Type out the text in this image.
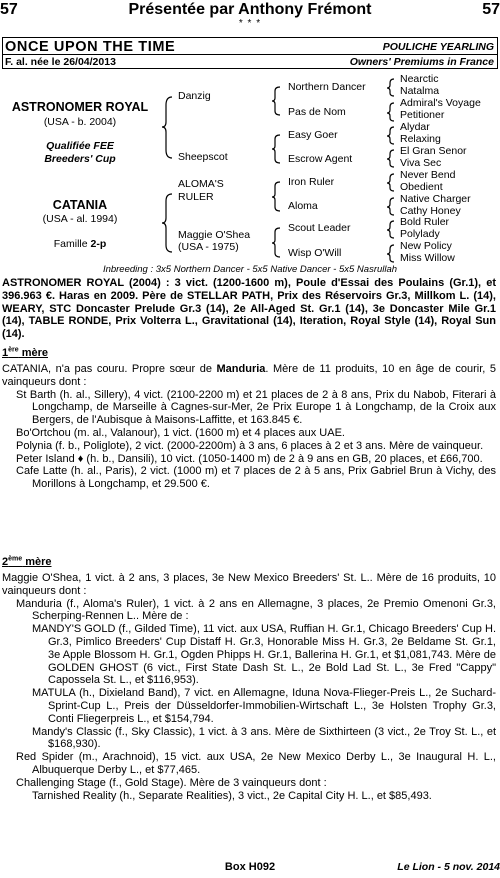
57	Présentée par Anthony Frémont	57
* * *
ONCE UPON THE TIME	POULICHE YEARLING
F. al. née le 26/04/2013	Owners' Premiums in France
ASTRONOMER ROYAL
(USA - b. 2004)
Qualifiée FEE
Breeders' Cup
CATANIA
(USA - al. 1994)
Famille 2-p
Danzig
Sheepscot
ALOMA'S
RULER
Maggie O'Shea
(USA - 1975)
Northern Dancer
Pas de Nom
Easy Goer
Escrow Agent
Iron Ruler
Aloma
Scout Leader
Wisp O'Will
Nearctic
Natalma
Admiral's Voyage
Petitioner
Alydar
Relaxing
El Gran Senor
Viva Sec
Never Bend
Obedient
Native Charger
Cathy Honey
Bold Ruler
Polylady
New Policy
Miss Willow
Inbreeding : 3x5 Northern Dancer - 5x5 Native Dancer - 5x5 Nasrullah
ASTRONOMER ROYAL (2004) : 3 vict. (1200-1600 m), Poule d'Essai des Poulains (Gr.1), et 396.963 €. Haras en 2009. Père de STELLAR PATH, Prix des Réservoirs Gr.3, Millkom L. (14), WEARY, STC Doncaster Prelude Gr.3 (14), 2e All-Aged St. Gr.1 (14), 3e Doncaster Mile Gr.1 (14), TABLE RONDE, Prix Volterra L., Gravitational (14), Iteration, Royal Style (14), Royal Sun (14).
1ère mère
CATANIA, n'a pas couru. Propre sœur de Manduria. Mère de 11 produits, 10 en âge de courir, 5 vainqueurs dont :
St Barth (h. al., Sillery), 4 vict. (2100-2200 m) et 21 places de 2 à 8 ans, Prix du Nabob, Fiterari à Longchamp, de Marseille à Cagnes-sur-Mer, 2e Prix Europe 1 à Longchamp, de la Croix aux Bergers, de l'Aubisque à Maisons-Laffitte, et 163.845 €.
Bo'Ortchou (m. al., Valanour), 1 vict. (1600 m) et 4 places aux UAE.
Polynia (f. b., Poliglote), 2 vict. (2000-2200m) à 3 ans, 6 places à 2 et 3 ans. Mère de vainqueur.
Peter Island ♦ (h. b., Dansili), 10 vict. (1050-1400 m) de 2 à 9 ans en GB, 20 places, et £66,700.
Cafe Latte (h. al., Paris), 2 vict. (1000 m) et 7 places de 2 à 5 ans, Prix Gabriel Brun à Vichy, des Morillons à Longchamp, et 29.500 €.
2ème mère
Maggie O'Shea, 1 vict. à 2 ans, 3 places, 3e New Mexico Breeders' St. L.. Mère de 16 produits, 10 vainqueurs dont :
Manduria (f., Aloma's Ruler), 1 vict. à 2 ans en Allemagne, 3 places, 2e Premio Omenoni Gr.3, Scherping-Rennen L.. Mère de :
MANDY'S GOLD (f., Gilded Time), 11 vict. aux USA, Ruffian H. Gr.1, Chicago Breeders' Cup H. Gr.3, Pimlico Breeders' Cup Distaff H. Gr.3, Honorable Miss H. Gr.3, 2e Beldame St. Gr.1, 3e Apple Blossom H. Gr.1, Ogden Phipps H. Gr.1, Ballerina H. Gr.1, et $1,081,743. Mère de GOLDEN GHOST (6 vict., First State Dash St. L., 2e Bold Lad St. L., 3e Fred "Cappy" Capossela St. L., et $116,953).
MATULA (h., Dixieland Band), 7 vict. en Allemagne, Iduna Nova-Flieger-Preis L., 2e Suchard-Sprint-Cup L., Preis der Düsseldorfer-Immobilien-Wirtschaft L., 3e Holsten Trophy Gr.3, Conti Fliegerpreis L., et $154,794.
Mandy's Classic (f., Sky Classic), 1 vict. à 3 ans. Mère de Sixthirteen (3 vict., 2e Troy St. L., et $168,930).
Red Spider (m., Arachnoid), 15 vict. aux USA, 2e New Mexico Derby L., 3e Inaugural H. L., Albuquerque Derby L., et $77,465.
Challenging Stage (f., Gold Stage). Mère de 3 vainqueurs dont :
Tarnished Reality (h., Separate Realities), 3 vict., 2e Capital City H. L., et $85,493.
Box H092	Le Lion - 5 nov. 2014
